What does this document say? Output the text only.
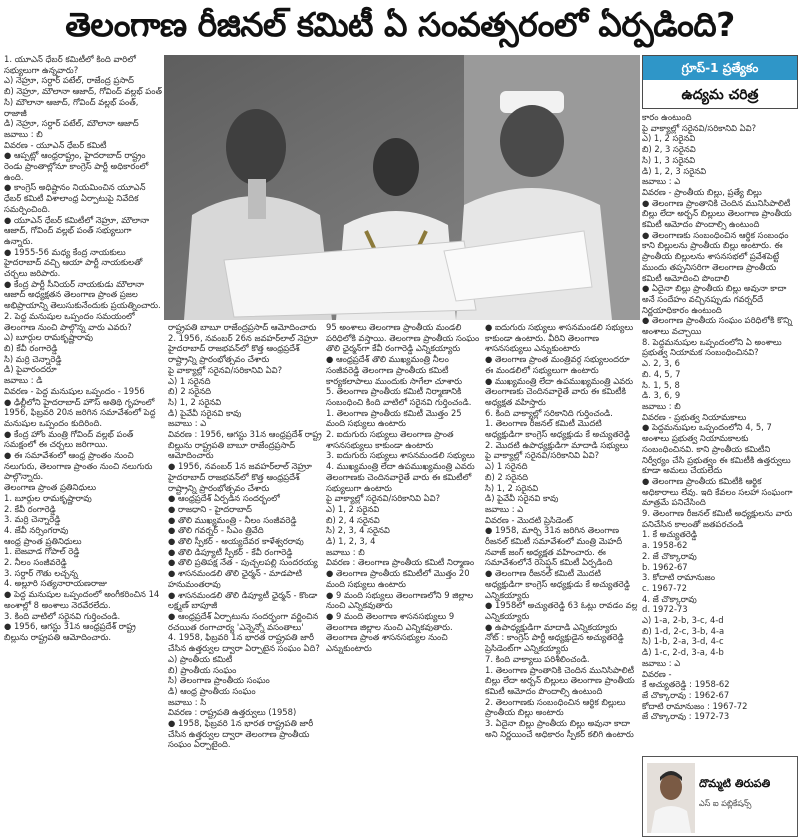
తెలంగాణ రీజినల్ కమిటీ ఏ సంవత్సరంలో ఏర్పడింది?
1. యూఎన్ ధేబర్ కమిటీలో కింది వారిలో సభ్యులుగా ఉన్నవారు?
ఎ) నెహ్రూ, సర్దార్ పటేల్, రాజేంద్ర ప్రసాద్
బి) నెహ్రూ, మౌలానా ఆజాద్, గోవింద్ వల్లభ్ పంత్
సి) మౌలానా ఆజాద్, గోవింద్ వల్లభ్ పంత్, రాజాజీ
డి) నెహ్రూ, సర్దార్ పటేల్, మౌలానా ఆజాద్
జవాబు : బి
వివరణ - యూఎన్ ధేబర్ కమిటీ
● ఆప్పట్లో ఆంధ్రరాష్ట్రం, హైదరాబాద్ రాష్ట్రం రెండు ప్రాంతాల్లోనూ కాంగ్రెస్ పార్టీ అధికారంలో ఉంది.
● కాంగ్రెస్ అధిష్టానం నియమించిన యూఎన్ ధేబర్ కమిటీ విశాలాంధ్ర ఏర్పాటుపై నివేదిక సమర్పించింది.
● యూఎన్ ధేబర్ కమిటీలో నెహ్రూ, మౌలానా ఆజాద్, గోవింద్ వల్లభ్ పంత్ సభ్యులుగా ఉన్నారు.
● 1955-56 మధ్య కేంద్ర నాయకులు హైదరాబాద్ వచ్చి ఆయా పార్టీ నాయకులతో చర్చలు జరిపారు.
● కేంద్ర పార్టీ సీనియర్ నాయకుడు మౌలానా ఆజాద్ అధ్యక్షతన తెలంగాణ ప్రాంత ప్రజల అభిప్రాయాన్ని తెలుసుకునేందుకు ప్రయత్నించారు.
2. పెద్ద మనుషుల ఒప్పందం సమయంలో తెలంగాణ నుంచి పాల్గొన్న వారు ఎవరు?
ఎ) బూర్గుల రామకృష్ణారావు
బి) కేవీ రంగారెడ్డి
సి) మర్రి చెన్నారెడ్డి
డి) పైవారందరూ
జవాబు : డి
వివరణ - పెద్ద మనుషుల ఒప్పందం - 1956
● ఢిల్లీలోని హైదరాబాద్ హౌస్ అతిథి గృహంలో 1956, ఫిబ్రవరి 20న జరిగిన సమావేశంలో పెద్ద మనుషుల ఒప్పందం కుదిరింది.
● కేంద్ర హోం మంత్రి గోవింద్ వల్లభ్ పంత్ సమక్షంలో ఈ చర్చలు జరిగాయి.
● ఈ సమావేశంలో ఆంధ్ర ప్రాంతం నుంచి నలుగురు, తెలంగాణ ప్రాంతం నుంచి నలుగురు పాల్గొన్నారు.
తెలంగాణ ప్రాంత ప్రతినిధులు
1. బూర్గుల రామకృష్ణారావు
2. కేవీ రంగారెడ్డి
3. మర్రి చెన్నారెడ్డి
4. జేవీ నర్సింగరావు
ఆంధ్ర ప్రాంత ప్రతినిధులు
1. బెజవాడ గోపాల్ రెడ్డి
2. నీలం సంజీవరెడ్డి
3. సర్దార్ గౌతు లచ్చన్న
4. అల్లూరి సత్యనారాయణరాజు
● పెద్ద మనుషుల ఒప్పందంలో అంగీకరించిన 14 అంశాల్లో 8 అంశాలు నెరవేరలేదు.
3. కింది వాటిలో సరైనవి గుర్తించండి.
● 1956, ఆగస్టు 31న ఆంధ్రప్రదేశ్ రాష్ట్ర బిల్లును రాష్ట్రపతి ఆమోదించారు.
రాష్ట్రపతి బాబూ రాజేంద్రప్రసాద్ ఆమోదించారు
2. 1956, నవంబర్ 26న జవహర్‌లాల్ నెహ్రూ హైదరాబాద్ రాజభవన్‌లో కొత్త ఆంధ్రప్రదేశ్ రాష్ట్రాన్ని ప్రారంభోత్సవం చేశారు
పై వాక్యాల్లో సరైనవి/సరికానివి ఏవి?
ఎ) 1 సరైనది
బి) 2 సరైనది
సి) 1, 2 సరైనవి
డి) పైవేవీ సరైనవి కావు
జవాబు : ఎ
వివరణ : 1956, ఆగస్టు 31న ఆంధ్రప్రదేశ్ రాష్ట్ర బిల్లును రాష్ట్రపతి బాబూ రాజేంద్రప్రసాద్ ఆమోదించారు
● 1956, నవంబర్ 1న జవహర్‌లాల్ నెహ్రూ హైదరాబాద్ రాజభవన్‌లో కొత్త ఆంధ్రప్రదేశ్ రాష్ట్రాన్ని ప్రారంభోత్సవం చేశారు
● ఆంధ్రప్రదేశ్ ఏర్పడిన సందర్భంలో
● రాజధాని - హైదరాబాద్
● తొలి ముఖ్యమంత్రి - నీలం సంజీవరెడ్డి
● తొలి గవర్నర్ - సీఎం త్రివేది
● తొలి స్పీకర్ - అయ్యదేవర కాళేశ్వరరావు
● తొలి డిప్యూటీ స్పీకర్ - కేవీ రంగారెడ్డి
● తొలి ప్రతిపక్ష నేత - పుచ్చలపల్లి సుందరయ్య
● శాసనమండలి తొలి ఛైర్మన్ - మాడపాటి హనుమంతరావు
● శాసనమండలి తొలి డిప్యూటీ ఛైర్మన్ - కొండా లక్ష్మణ్ బాపూజీ
● ఆంధ్రప్రదేశ్ ఏర్పాటును సందర్భంగా వర్ణించిన రచయిత రంగాచార్య 'ఎన్నెన్నో వసంతాలు'
4. 1958, ఫిబ్రవరి 1న భారత రాష్ట్రపతి జారీ చేసిన ఉత్తర్వుల ద్వారా ఏర్పాటైన సంఘం ఏది?
ఎ) ప్రాంతీయ కమిటీ
బి) ప్రాంతీయ సంఘం
సి) తెలంగాణ ప్రాంతీయ సంఘం
డి) ఆంధ్ర ప్రాంతీయ సంఘం
జవాబు : సి
వివరణ : రాష్ట్రపతి ఉత్తర్వులు (1958)
● 1958, ఫిబ్రవరి 1న భారత రాష్ట్రపతి జారీ చేసిన ఉత్తర్వుల ద్వారా తెలంగాణ ప్రాంతీయ సంఘం ఏర్పాటైంది.
95 అంశాలు తెలంగాణ ప్రాంతీయ మండలి పరిధిలోకి వస్తాయి. తెలంగాణ ప్రాంతీయ సంఘం తొలి ఛైర్మన్‌గా కేవీ రంగారెడ్డి ఎన్నికయ్యారు
● ఆంధ్రప్రదేశ్ తొలి ముఖ్యమంత్రి నీలం సంజీవరెడ్డి తెలంగాణ ప్రాంతీయ కమిటీ కార్యకలాపాలు ముందుకు సాగేలా చూశారు
5. తెలంగాణ ప్రాంతీయ కమిటీ నిర్మాణానికి సంబంధించి కింది వాటిలో సరైనవి గుర్తించండి.
1. తెలంగాణ ప్రాంతీయ కమిటీ మొత్తం 25 మంది సభ్యులు ఉంటారు
2. ఐదుగురు సభ్యులు తెలంగాణ ప్రాంత శాసనసభ్యులు కాకుండా ఉంటారు
3. ఐదుగురు సభ్యులు శాసనమండలి సభ్యులు
4. ముఖ్యమంత్రి లేదా ఉపముఖ్యమంత్రి ఎవరు తెలంగాణకు చెందినవారైతే వారు ఈ కమిటీలో సభ్యులుగా ఉంటారు
పై వాక్యాల్లో సరైనవి/సరికానివి ఏవి?
ఎ) 1, 2 సరైనవి
బి) 2, 4 సరైనవి
సి) 2, 3, 4 సరైనవి
డి) 1, 2, 3, 4
జవాబు : బి
వివరణ : తెలంగాణ ప్రాంతీయ కమిటీ నిర్మాణం
● తెలంగాణ ప్రాంతీయ కమిటీలో మొత్తం 20 మంది సభ్యులు ఉంటారు
● 9 మంది సభ్యులు తెలంగాణలోని 9 జిల్లాల నుంచి ఎన్నికవుతారు
● 9 మంది తెలంగాణ శాసనసభ్యులు 9 తెలంగాణ జిల్లాల నుంచి ఎన్నికవుతారు. తెలంగాణ ప్రాంత శాసనసభ్యుల నుంచి ఎన్నుకుంటారు
● ఐదుగురు సభ్యులు శాసనమండలి సభ్యులు కాకుండా ఉంటారు. వీరిని తెలంగాణ శాసనసభ్యులు ఎన్నుకుంటారు
● తెలంగాణ ప్రాంత మంత్రివర్గ సభ్యులందరూ ఈ మండలిలో సభ్యులుగా ఉంటారు
● ముఖ్యమంత్రి లేదా ఉపముఖ్యమంత్రి ఎవరు తెలంగాణకు చెందినవారైతే వారు ఈ కమిటీకి అధ్యక్షత వహిస్తారు
6. కింది వాక్యాల్లో సరికానిది గుర్తించండి.
1. తెలంగాణ రీజనల్ కమిటీ మొదటి అధ్యక్షుడిగా కాంగ్రెస్ అధ్యక్షుడు కే అచ్యుతరెడ్డి
2. మొదటి ఉపాధ్యక్షుడిగా మాదాడి సభ్యులు
పై వాక్యాల్లో సరైనవి/సరికానివి ఏవి?
ఎ) 1 సరైనది
బి) 2 సరైనది
సి) 1, 2 సరైనవి
డి) పైవేవీ సరైనవి కావు
జవాబు : ఎ
వివరణ - మొదటి ప్రెసిడెంట్
● 1958, మార్చి 31న జరిగిన తెలంగాణ రీజనల్ కమిటీ సమావేశంలో మంత్రి మెహదీ నవాజ్ జంగ్ అధ్యక్షత వహించారు. ఈ సమావేశంలోనే రెసెప్షన్ కమిటీ ఏర్పడింది
● తెలంగాణ రీజనల్ కమిటీ మొదటి అధ్యక్షుడిగా కాంగ్రెస్ అధ్యక్షుడు కే అచ్యుతరెడ్డి ఎన్నికయ్యారు
● 1958లో అచ్యుతరెడ్డి 63 ఓట్లు రావడం వల్ల ఎన్నికయ్యారు
● ఉపాధ్యక్షుడిగా మాదాడి ఎన్నికయ్యారు
నోట్ : కాంగ్రెస్ పార్టీ అధ్యక్షుడైన అచ్యుతరెడ్డి ప్రెసిడెంట్‌గా ఎన్నికయ్యారు
7. కింది వాక్యాలు పరిశీలించండి.
1. తెలంగాణ ప్రాంతానికి చెందిన మునిసిపాలిటీ బిల్లు లేదా అర్బన్ బిల్లులు తెలంగాణ ప్రాంతీయ కమిటీ ఆమోదం పొందాల్సి ఉంటుంది
2. తెలంగాణకు సంబంధించిన ఆర్థిక బిల్లులు ప్రాంతీయ బిల్లు అంటారు
3. ఏదైనా బిల్లు ప్రాంతీయ బిల్లు అవునా కాదా అని నిర్ణయించే అధికారం స్పీకర్ కలిగి ఉంటారు
గ్రూప్-1 ప్రత్యేకం
ఉద్యమ చరిత్ర
కారం ఉంటుంది
పై వాక్యాల్లో సరైనవి/సరికానివి ఏవి?
ఎ) 1, 2 సరైనవి
బి) 2, 3 సరైనవి
సి) 1, 3 సరైనవి
డి) 1, 2, 3 సరైనవి
జవాబు : ఎ
వివరణ - ప్రాంతీయ బిల్లు, ప్రత్యే బిల్లు
● తెలంగాణ ప్రాంతానికి చెందిన మునిసిపాలిటీ బిల్లు లేదా అర్బన్ బిల్లులు తెలంగాణ ప్రాంతీయ కమిటీ ఆమోదం పొందాల్సి ఉంటుంది
● తెలంగాణకు సంబంధించిన ఆర్థిక సంబంధం కాని బిల్లులను ప్రాంతీయ బిల్లు అంటారు. ఈ ప్రాంతీయ బిల్లులను శాసనసభలో ప్రవేశపెట్టే ముందు తప్పనిసరిగా తెలంగాణ ప్రాంతీయ కమిటీ ఆమోదించి పొందాలి
● ఏదైనా బిల్లు ప్రాంతీయ బిల్లు అవునా కాదా అనే సందేహం వచ్చినప్పుడు గవర్నర్‌దే నిర్ణయాధికారం ఉంటుంది
● తెలంగాణ ప్రాంతీయ సంఘం పరిధిలోకి కొన్ని అంశాలు వచ్చాయి
8. పెద్దమనుషుల ఒప్పందంలోని ఏ అంశాలు ప్రభుత్వ నియామక సంబంధించినవి?
ఎ. 2, 3, 6
బి. 4, 5, 7
సి. 1, 5, 8
డి. 3, 6, 9
జవాబు : బి
వివరణ - ప్రభుత్వ నియామకాలు
● పెద్దమనుషుల ఒప్పందంలోని 4, 5, 7 అంశాలు ప్రభుత్వ నియామకాలకు సంబంధించినవి. కాని ప్రాంతీయ కమిటీని నిర్వీర్యం చేసి ప్రభుత్వం ఈ కమిటీకి ఉత్తర్వులు కూడా అమలు చేయలేదు
● తెలంగాణ ప్రాంతీయ కమిటీకి ఆర్థిక అధికారాలు లేవు. ఇది కేవలం సలహా సంఘంగా మాత్రమే పనిచేసింది
9. తెలంగాణ రీజనల్ కమిటీ అధ్యక్షులను వారు పనిచేసిన కాలంతో జతపరచండి
1. కే అచ్యుతరెడ్డి
a. 1958-62
2. జే చొక్కారావు
b. 1962-67
3. కోదాటి రామానుజం
c. 1967-72
4. జే చొక్కారావు
d. 1972-73
ఎ) 1-a, 2-b, 3-c, 4-d
బి) 1-d, 2-c, 3-b, 4-a
సి) 1-b, 2-a, 3-d, 4-c
డి) 1-c, 2-d, 3-a, 4-b
జవాబు : ఎ
వివరణ -
కే అచ్యుతరెడ్డి : 1958-62
జే చొక్కారావు : 1962-67
కోదాటి రామానుజం : 1967-72
జే చొక్కారావు : 1972-73
దొమ్మటి తిరుపతి
ఎస్ ఐ పబ్లికేషన్స్
